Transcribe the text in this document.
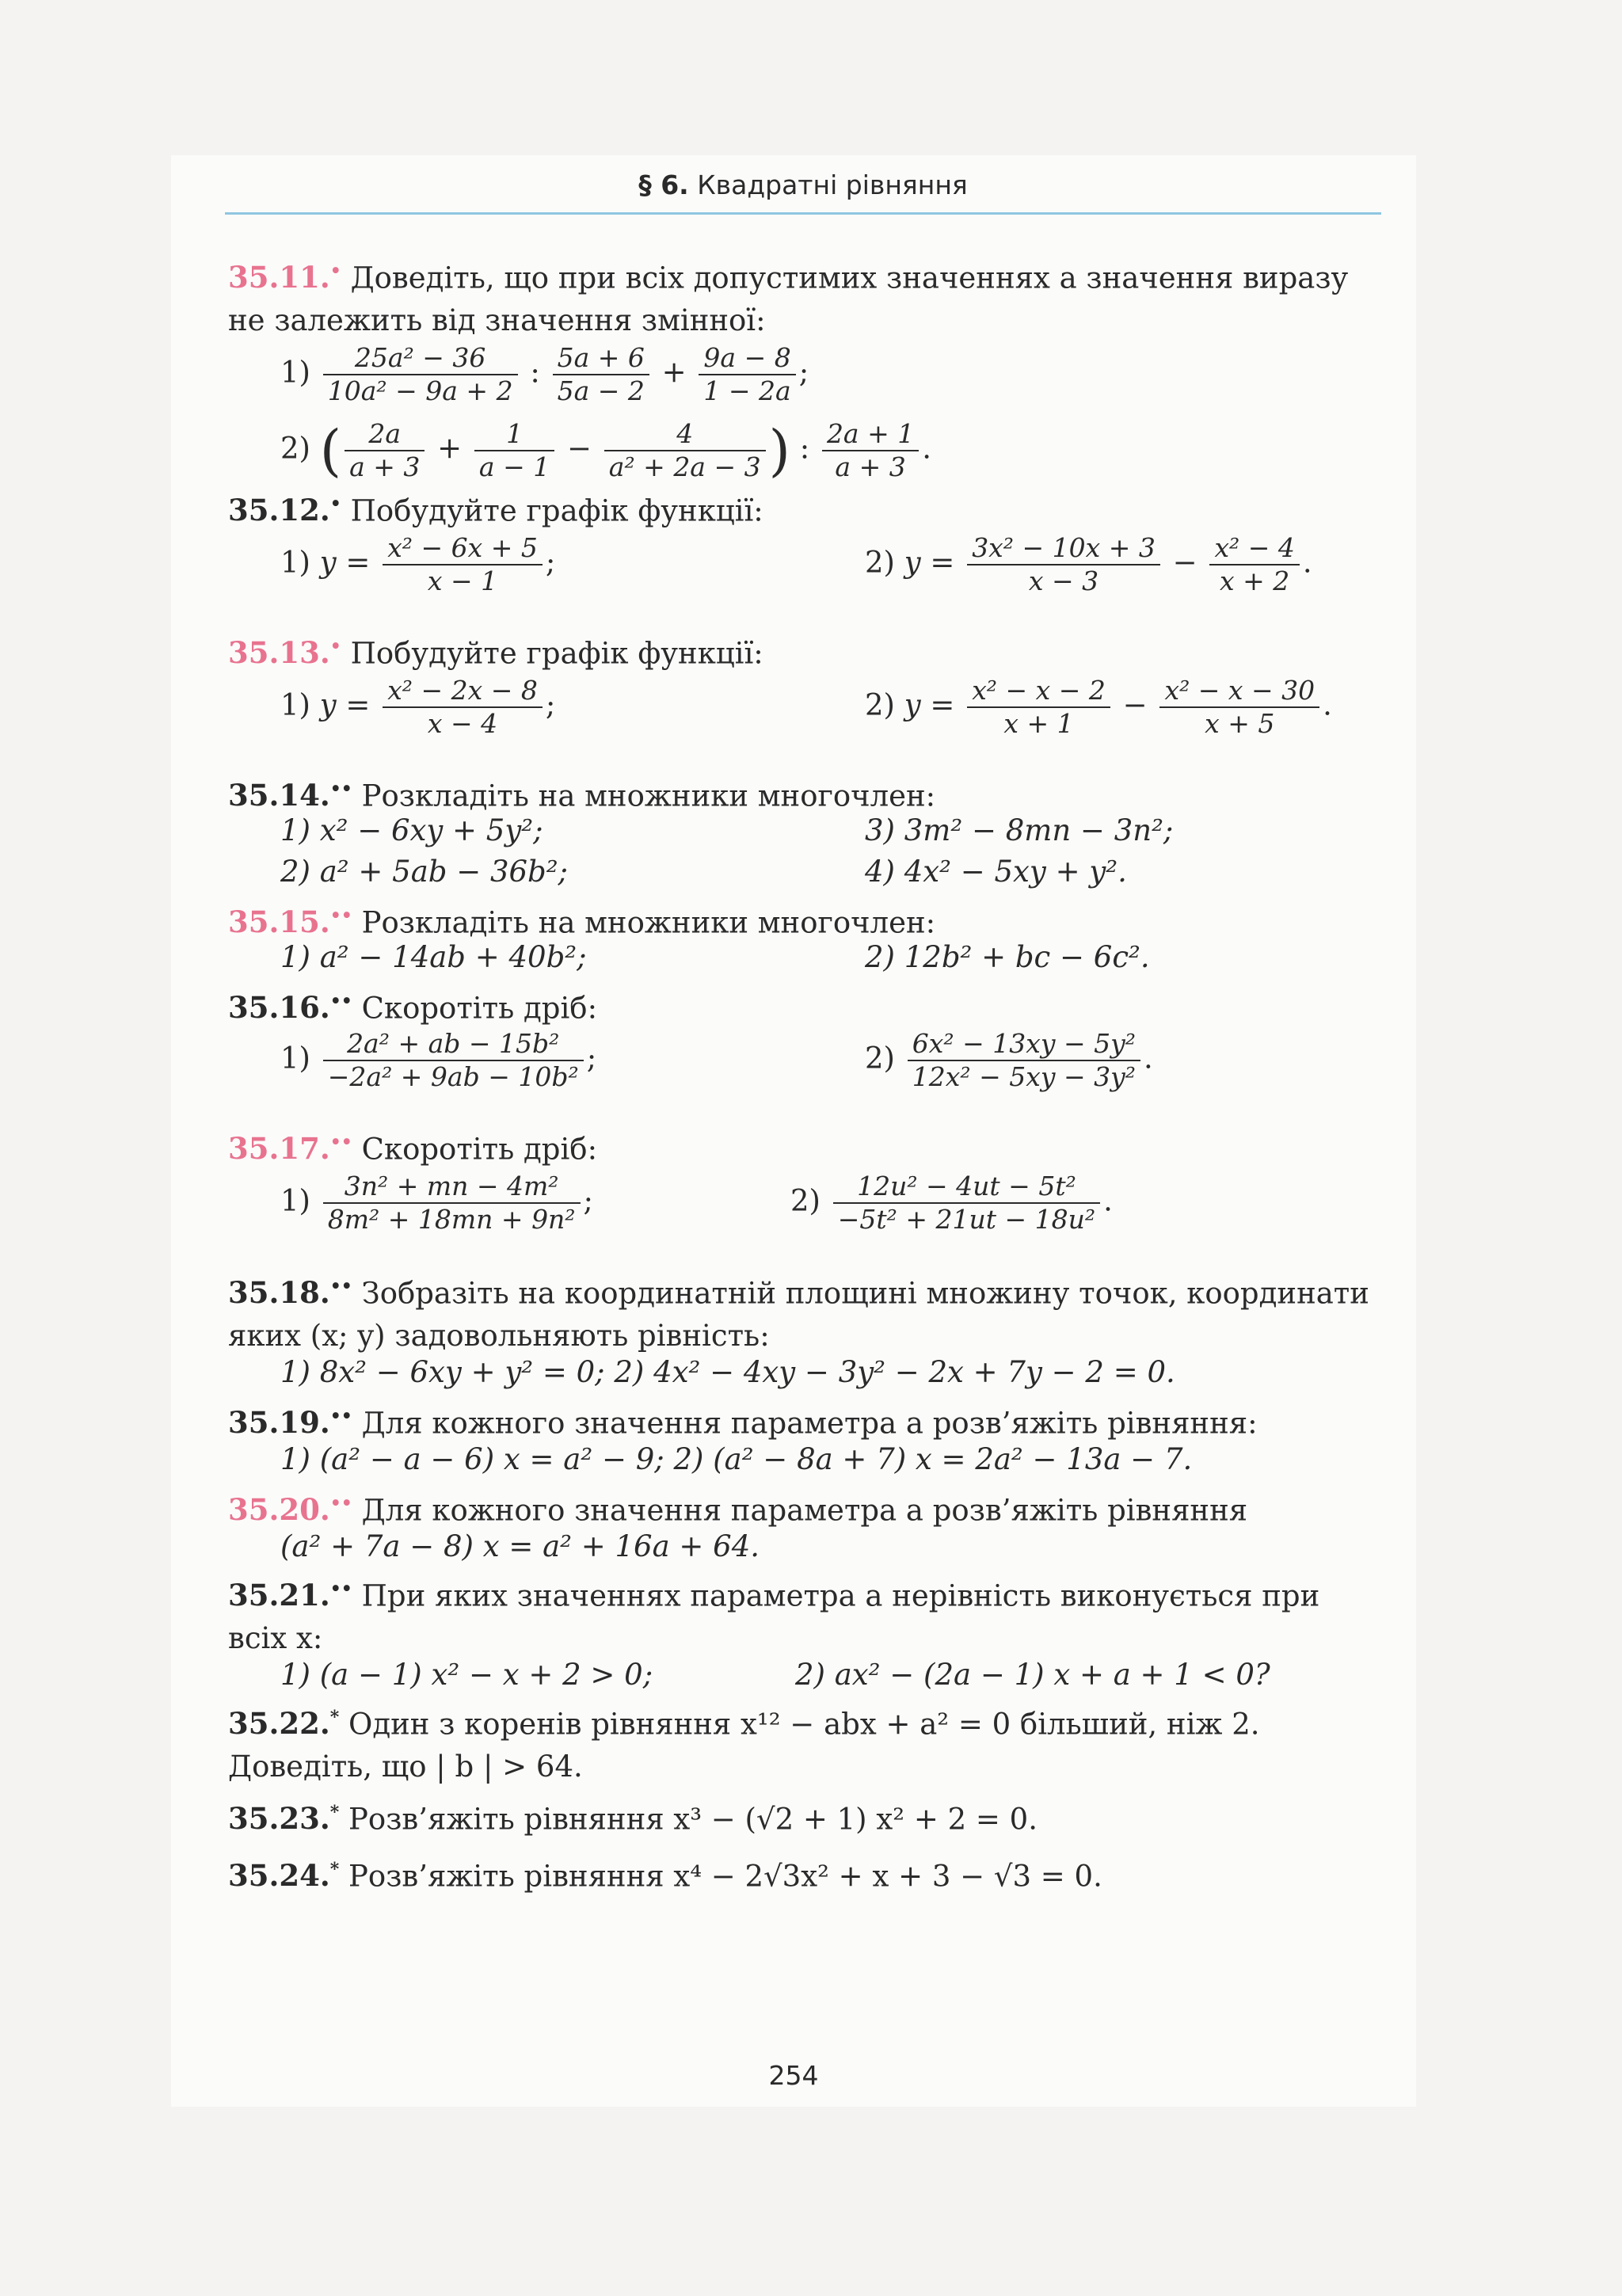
§ 6. Квадратні рівняння
35.11.• Доведіть, що при всіх допустимих значеннях a значення виразу не залежить від значення змінної:
$1) \frac{\text{25a² − 36}}{\text{10a² − 9a + 2}}$ : $\frac{5a + 6}{5a - 2} + \frac{9a - 8}{1 - 2a}$ ;
2) ( $\frac{2a}{a + 3} + \frac{1}{a - 1} - \frac{4}{\text{a² + 2a − 3}}$ ) : $\frac{2a + 1}{a + 3}$ .
35.12.• Побудуйте графік функції:
1) $y = \frac{\text{x² − 6x + 5}}{x - 1}$ ;	2) $y = \frac{\text{3x² − 10x + 3}}{x - 3} - \frac{\text{x² − 4}}{x + 2}$ .
35.13.• Побудуйте графік функції:
1) $y = \frac{\text{x² − 2x − 8}}{x - 4}$ ;	2) $y = \frac{\text{x² − x − 2}}{x + 1} - \frac{\text{x² − x − 30}}{x + 5}$ .
35.14.•• Розкладіть на множники многочлен:
1) x² − 6xy + 5y²;	3) 3m² − 8mn − 3n²;
2) a² + 5ab − 36b²;	4) 4x² − 5xy + y².
35.15.•• Розкладіть на множники многочлен:
1) a² − 14ab + 40b²;	2) 12b² + bc − 6c².
35.16.•• Скоротіть дріб:
$1) \frac{\text{2a² + ab − 15b²}}{\text{−2a² + 9ab − 10b²}}$ ;	$2) \frac{\text{6x² − 13xy − 5y²}}{\text{12x² − 5xy − 3y²}}$ .
35.17.•• Скоротіть дріб:
$1) \frac{\text{3n² + mn − 4m²}}{\text{8m² + 18mn + 9n²}}$ ;	$2) \frac{\text{12u² − 4ut − 5t²}}{\text{−5t² + 21ut − 18u²}}$ .
35.18.•• Зобразіть на координатній площині множину точок, координати яких (x; y) задовольняють рівність:
1) 8x² − 6xy + y² = 0; 2) 4x² − 4xy − 3y² − 2x + 7y − 2 = 0.
35.19.•• Для кожного значення параметра a розв’яжіть рівняння:
1) (a² − a − 6) x = a² − 9; 2) (a² − 8a + 7) x = 2a² − 13a − 7.
35.20.•• Для кожного значення параметра a розв’яжіть рівняння
(a² + 7a − 8) x = a² + 16a + 64.
35.21.•• При яких значеннях параметра a нерівність виконується при всіх x:
1) (a − 1) x² − x + 2 > 0;	2) ax² − (2a − 1) x + a + 1 < 0?
35.22.* Один з коренів рівняння x¹² − abx + a² = 0 більший, ніж 2. Доведіть, що | b | > 64.
35.23.* Розв’яжіть рівняння x³ − (√2 + 1) x² + 2 = 0.
35.24.* Розв’яжіть рівняння x⁴ − 2√3x² + x + 3 − √3 = 0.
254
